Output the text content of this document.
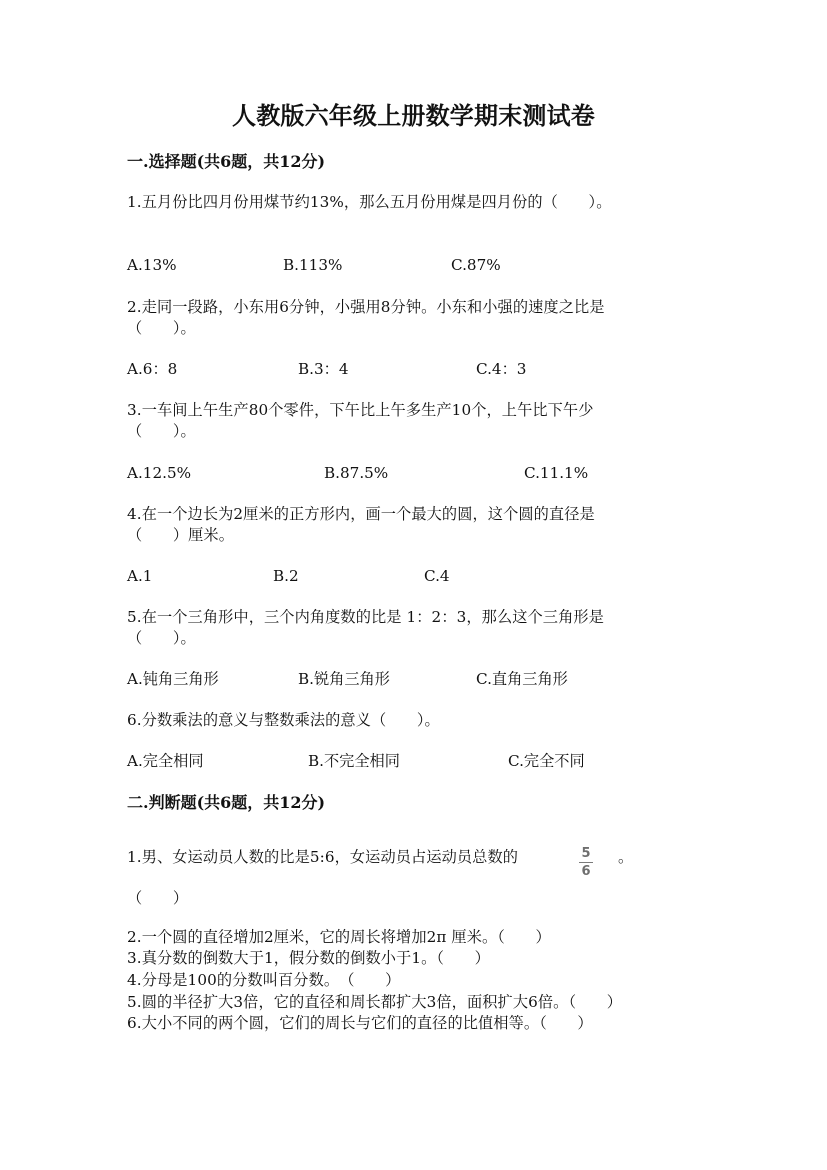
人教版六年级上册数学期末测试卷
一.选择题(共6题，共12分)
1.五月份比四月份用煤节约13%，那么五月份用煤是四月份的（　　）。
A.13%	B.113%	C.87%
2.走同一段路，小东用6分钟，小强用8分钟。小东和小强的速度之比是
（　　）。
A.6：8	B.3：4	C.4：3
3.一车间上午生产80个零件，下午比上午多生产10个，上午比下午少
（　　）。
A.12.5%	B.87.5%	C.11.1%
4.在一个边长为2厘米的正方形内，画一个最大的圆，这个圆的直径是
（　　）厘米。
A.1	B.2	C.4
5.在一个三角形中，三个内角度数的比是 1：2：3，那么这个三角形是
（　　）。
A.钝角三角形	B.锐角三角形	C.直角三角形
6.分数乘法的意义与整数乘法的意义（　　）。
A.完全相同	B.不完全相同	C.完全不同
二.判断题(共6题，共12分)
1.男、女运动员人数的比是5:6，女运动员占运动员总数的	5
6
。
（　　）
2.一个圆的直径增加2厘米，它的周长将增加2π 厘米。（　　）
3.真分数的倒数大于1，假分数的倒数小于1。（　　）
4.分母是100的分数叫百分数。　（　　）
5.圆的半径扩大3倍，它的直径和周长都扩大3倍，面积扩大6倍。（　　）
6.大小不同的两个圆，它们的周长与它们的直径的比值相等。（　　）
